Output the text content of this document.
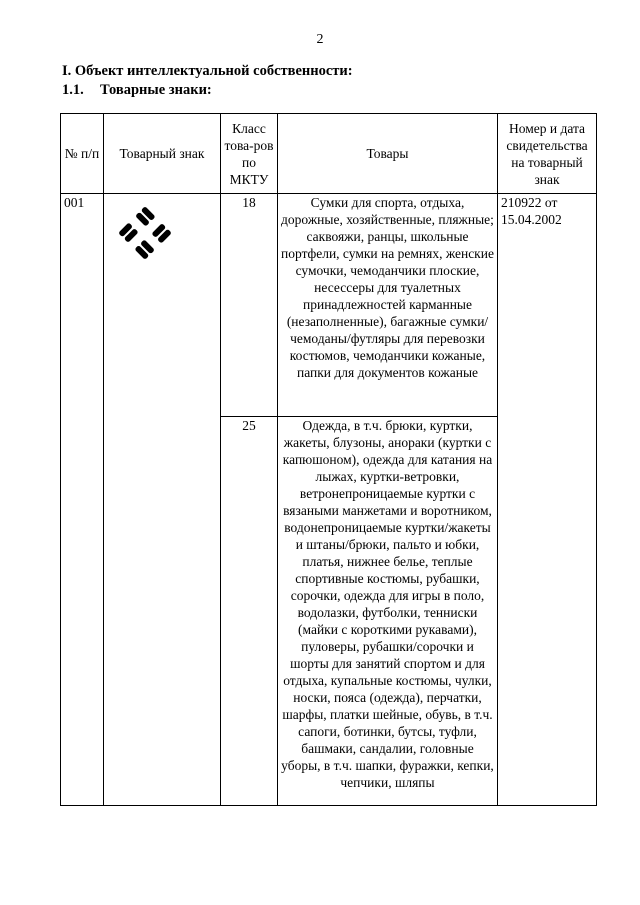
2
I. Объект интеллектуальной собственности:
1.1. Товарные знаки:
№ п/п	Товарный знак	Класс това-ров по МКТУ	Товары	Номер и дата свидетельства на товарный знак
001		18	Сумки для спорта, отдыха, дорожные, хозяйственные, пляжные; саквояжи, ранцы, школьные портфели, сумки на ремнях, женские сумочки, чемоданчики плоские, несессеры для туалетных принадлежностей карманные (незаполненные), багажные сумки/чемоданы/футляры для перевозки костюмов, чемоданчики кожаные, папки для документов кожаные	210922 от 15.04.2002
		25	Одежда, в т.ч. брюки, куртки, жакеты, блузоны, анораки (куртки с капюшоном), одежда для катания на лыжах, куртки-ветровки, ветронепроницаемые куртки с вязаными манжетами и воротником, водонепроницаемые куртки/жакеты и штаны/брюки, пальто и юбки, платья, нижнее белье, теплые спортивные костюмы, рубашки, сорочки, одежда для игры в поло, водолазки, футболки, тенниски (майки с короткими рукавами), пуловеры, рубашки/сорочки и шорты для занятий спортом и для отдыха, купальные костюмы, чулки, носки, пояса (одежда), перчатки, шарфы, платки шейные, обувь, в т.ч. сапоги, ботинки, бутсы, туфли, башмаки, сандалии, головные уборы, в т.ч. шапки, фуражки, кепки, чепчики, шляпы	
